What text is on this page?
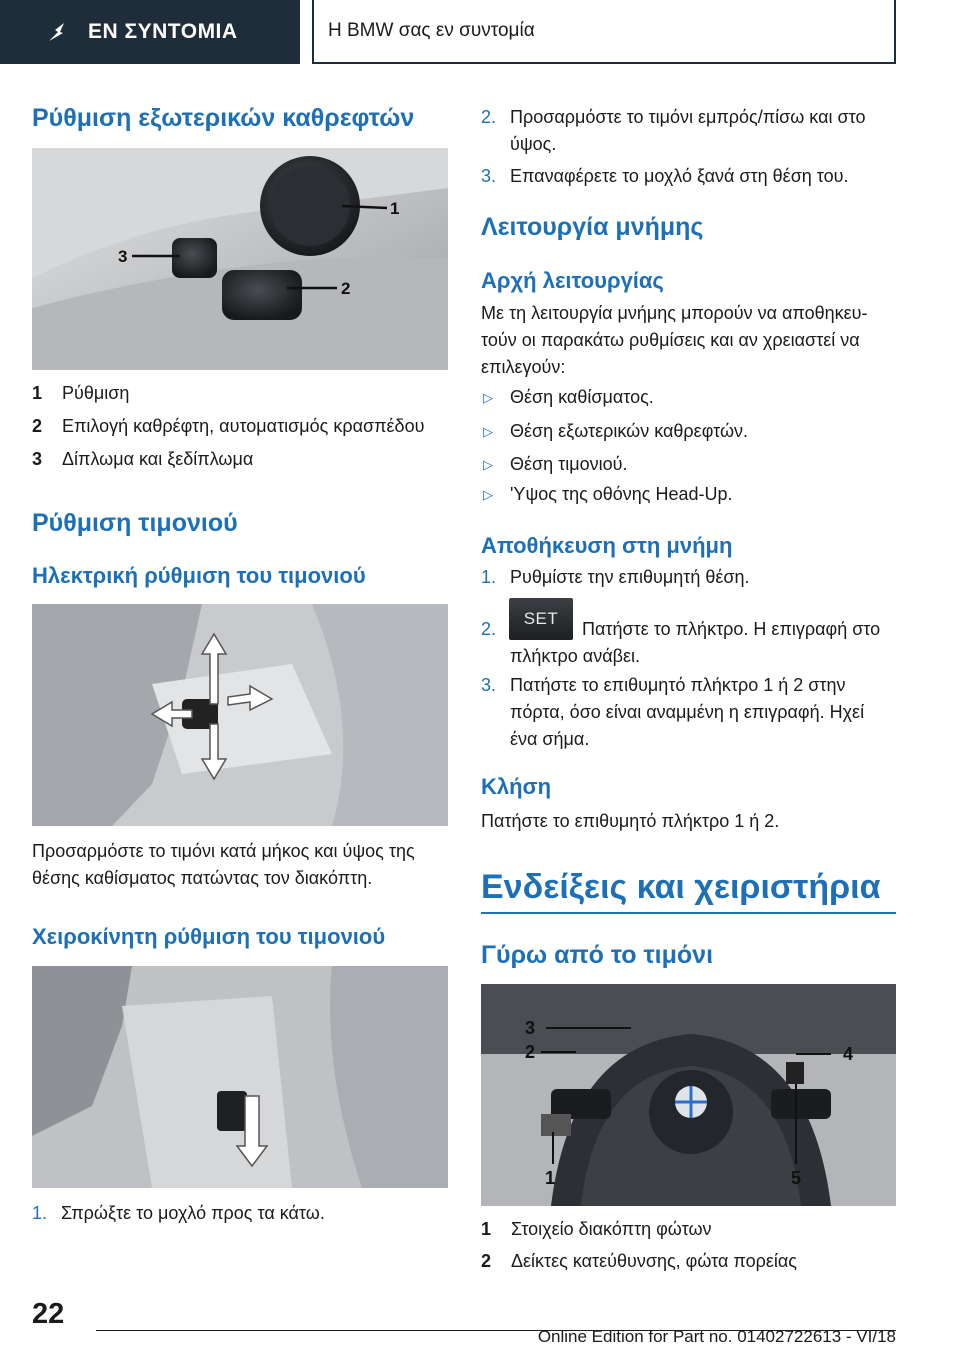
ΕΝ ΣΥΝΤΟΜΙΑ	Η BMW σας εν συντομία
Ρύθμιση εξωτερικών καθρεφτών
1
2
3
1 Ρύθμιση
2 Επιλογή καθρέφτη, αυτοματισμός κρασπέδου
3 Δίπλωμα και ξεδίπλωμα
Ρύθμιση τιμονιού
Ηλεκτρική ρύθμιση του τιμονιού
Προσαρμόστε το τιμόνι κατά μήκος και ύψος της θέσης καθίσματος πατώντας τον διακόπτη.
Χειροκίνητη ρύθμιση του τιμονιού
1. Σπρώξτε το μοχλό προς τα κάτω.
2. Προσαρμόστε το τιμόνι εμπρός/πίσω και στο ύψος.
3. Επαναφέρετε το μοχλό ξανά στη θέση του.
Λειτουργία μνήμης
Αρχή λειτουργίας
Με τη λειτουργία μνήμης μπορούν να αποθηκευτούν οι παρακάτω ρυθμίσεις και αν χρειαστεί να επιλεγούν:
▷ Θέση καθίσματος.
▷ Θέση εξωτερικών καθρεφτών.
▷ Θέση τιμονιού.
▷ 'Υψος της οθόνης Head-Up.
Αποθήκευση στη μνήμη
1. Ρυθμίστε την επιθυμητή θέση.
2.
SET
Πατήστε το πλήκτρο. Η επιγραφή στο πλήκτρο ανάβει.
3. Πατήστε το επιθυμητό πλήκτρο 1 ή 2 στην πόρτα, όσο είναι αναμμένη η επιγραφή. Ηχεί ένα σήμα.
Κλήση
Πατήστε το επιθυμητό πλήκτρο 1 ή 2.
Ενδείξεις και χειριστήρια
Γύρω από το τιμόνι
3
2	4
1	5
1 Στοιχείο διακόπτη φώτων
2 Δείκτες κατεύθυνσης, φώτα πορείας
22
Online Edition for Part no. 01402722613 - VI/18
